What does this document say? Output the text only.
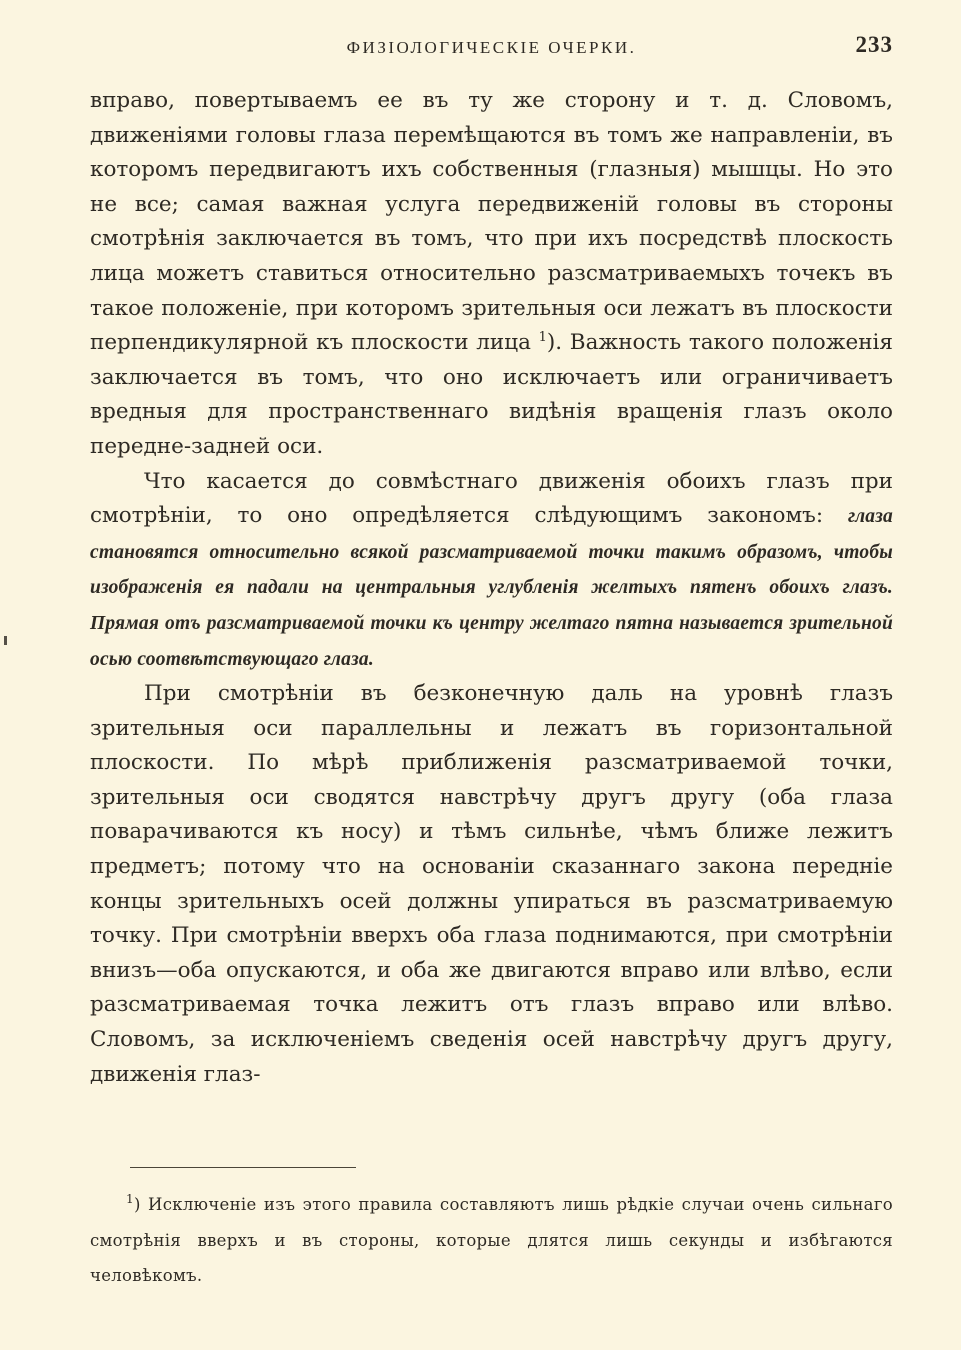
ФИЗІОЛОГИЧЕСКІЕ ОЧЕРКИ.	233

вправо, повертываемъ ее въ ту же сторону и т. д. Словомъ, движеніями головы глаза перемѣщаются въ томъ же направленіи, въ которомъ передвигаютъ ихъ собственныя (глазныя) мышцы. Но это не все; самая важная услуга передвиженій головы въ стороны смотрѣнія заключается въ томъ, что при ихъ посредствѣ плоскость лица можетъ ставиться относительно разсматриваемыхъ точекъ въ такое положеніе, при которомъ зрительныя оси лежатъ въ плоскости перпендикулярной къ плоскости лица $^1$). Важность такого положенія заключается въ томъ, что оно исключаетъ или ограничиваетъ вредныя для пространственнаго видѣнія вращенія глазъ около передне-задней оси.

Что касается до совмѣстнаго движенія обоихъ глазъ при смотрѣніи, то оно опредѣляется слѣдующимъ закономъ: глаза становятся относительно всякой разсматриваемой точки такимъ образомъ, чтобы изображенія ея падали на центральныя углубленія желтыхъ пятенъ обоихъ глазъ. Прямая отъ разсматриваемой точки къ центру желтаго пятна называется зрительной осью соотвѣтствующаго глаза.

При смотрѣніи въ безконечную даль на уровнѣ глазъ зрительныя оси параллельны и лежатъ въ горизонтальной плоскости. По мѣрѣ приближенія разсматриваемой точки, зрительныя оси сводятся навстрѣчу другъ другу (оба глаза поварачиваются къ носу) и тѣмъ сильнѣе, чѣмъ ближе лежитъ предметъ; потому что на основаніи сказаннаго закона передніе концы зрительныхъ осей должны упираться въ разсматриваемую точку. При смотрѣніи вверхъ оба глаза поднимаются, при смотрѣніи внизъ—оба опускаются, и оба же двигаются вправо или влѣво, если разсматриваемая точка лежитъ отъ глазъ вправо или влѣво. Словомъ, за исключеніемъ сведенія осей навстрѣчу другъ другу, движенія глаз-

$^1$) Исключеніе изъ этого правила составляютъ лишь рѣдкіе случаи очень сильнаго смотрѣнія вверхъ и въ стороны, которые длятся лишь секунды и избѣгаются человѣкомъ.
